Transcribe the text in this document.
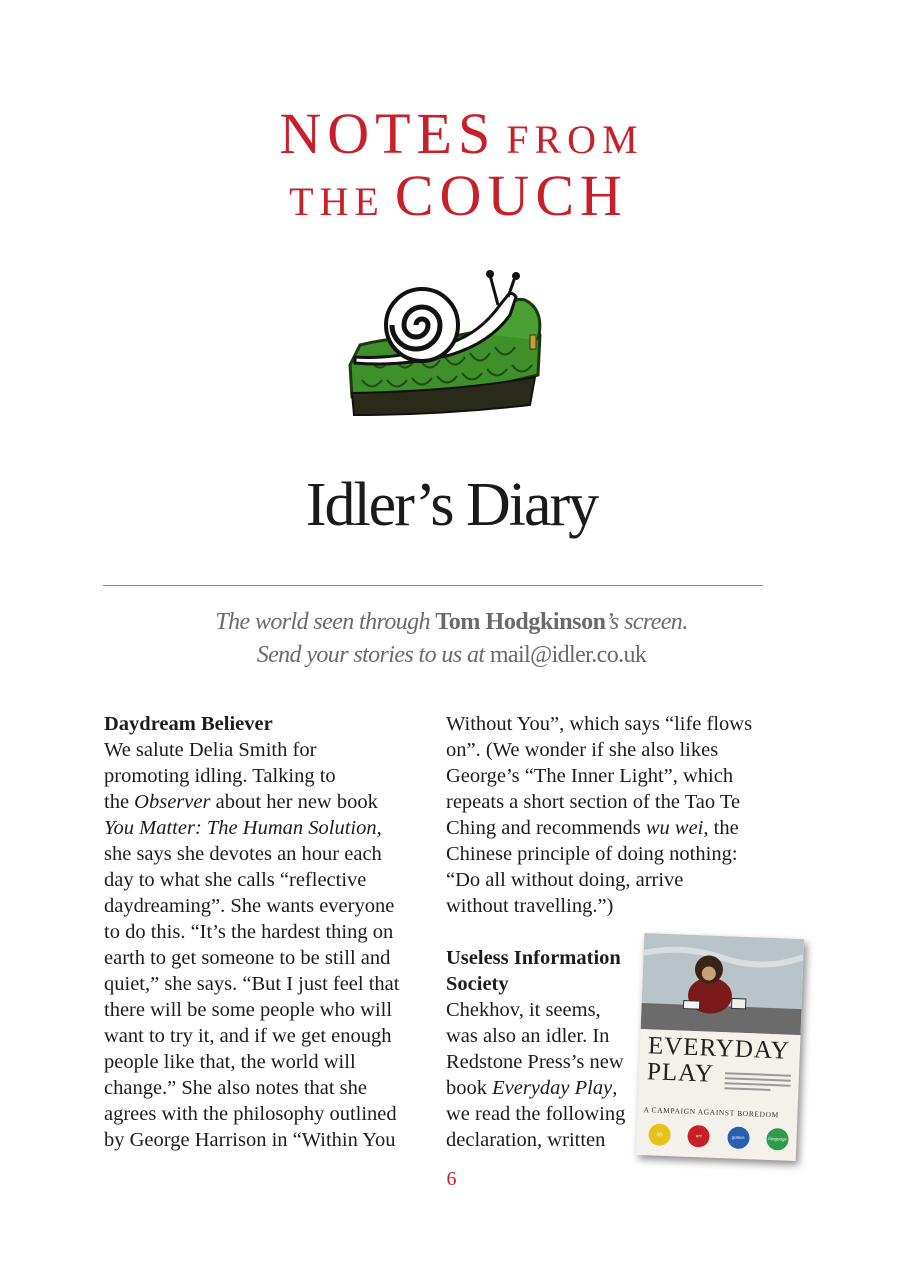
NOTES FROM
THE COUCH
Idler’s Diary
The world seen through Tom Hodgkinson’s screen.
Send your stories to us at mail@idler.co.uk
Daydream Believer
We salute Delia Smith for
promoting idling. Talking to
the Observer about her new book
You Matter: The Human Solution,
she says she devotes an hour each
day to what she calls “reflective
daydreaming”. She wants everyone
to do this. “It’s the hardest thing on
earth to get someone to be still and
quiet,” she says. “But I just feel that
there will be some people who will
want to try it, and if we get enough
people like that, the world will
change.” She also notes that she
agrees with the philosophy outlined
by George Harrison in “Within You
Without You”, which says “life flows
on”. (We wonder if she also likes
George’s “The Inner Light”, which
repeats a short section of the Tao Te
Ching and recommends wu wei, the
Chinese principle of doing nothing:
“Do all without doing, arrive
without travelling.”)
Useless Information
Society
Chekhov, it seems,
was also an idler. In
Redstone Press’s new
book Everyday Play,
we read the following
declaration, written
EVERYDAY
PLAY
A CAMPAIGN AGAINST BOREDOM
life	art	games	language
6
